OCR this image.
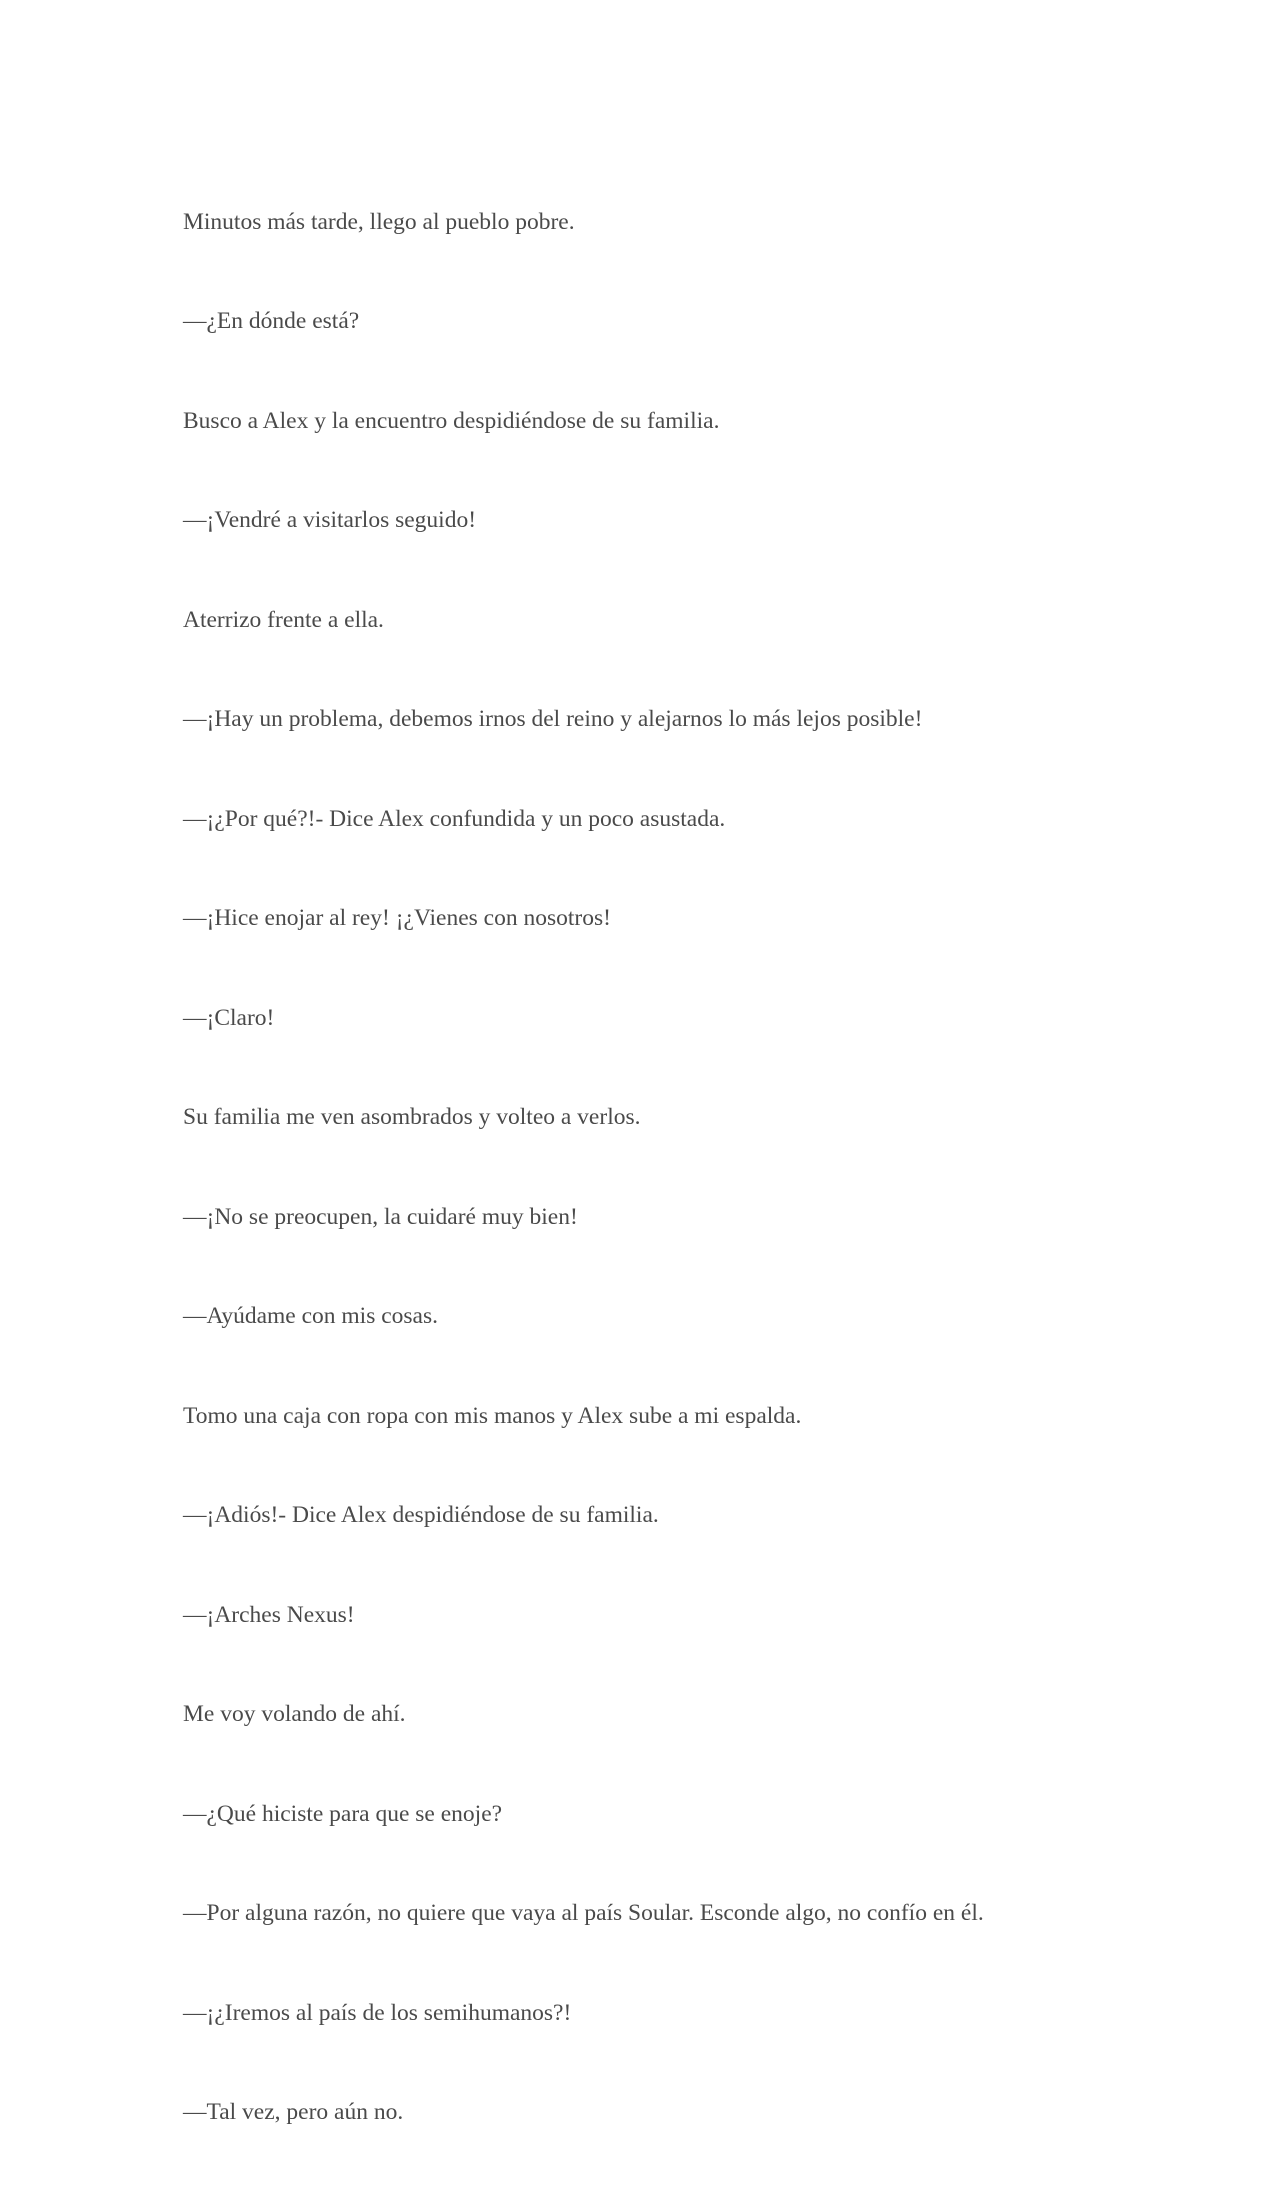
Minutos más tarde, llego al pueblo pobre.

—¿En dónde está?

Busco a Alex y la encuentro despidiéndose de su familia.

—¡Vendré a visitarlos seguido!

Aterrizo frente a ella.

—¡Hay un problema, debemos irnos del reino y alejarnos lo más lejos posible!

—¡¿Por qué?!- Dice Alex confundida y un poco asustada.

—¡Hice enojar al rey! ¡¿Vienes con nosotros!

—¡Claro!

Su familia me ven asombrados y volteo a verlos.

—¡No se preocupen, la cuidaré muy bien!

—Ayúdame con mis cosas.

Tomo una caja con ropa con mis manos y Alex sube a mi espalda.

—¡Adiós!- Dice Alex despidiéndose de su familia.

—¡Arches Nexus!

Me voy volando de ahí.

—¿Qué hiciste para que se enoje?

—Por alguna razón, no quiere que vaya al país Soular. Esconde algo, no confío en él.

—¡¿Iremos al país de los semihumanos?!

—Tal vez, pero aún no.
